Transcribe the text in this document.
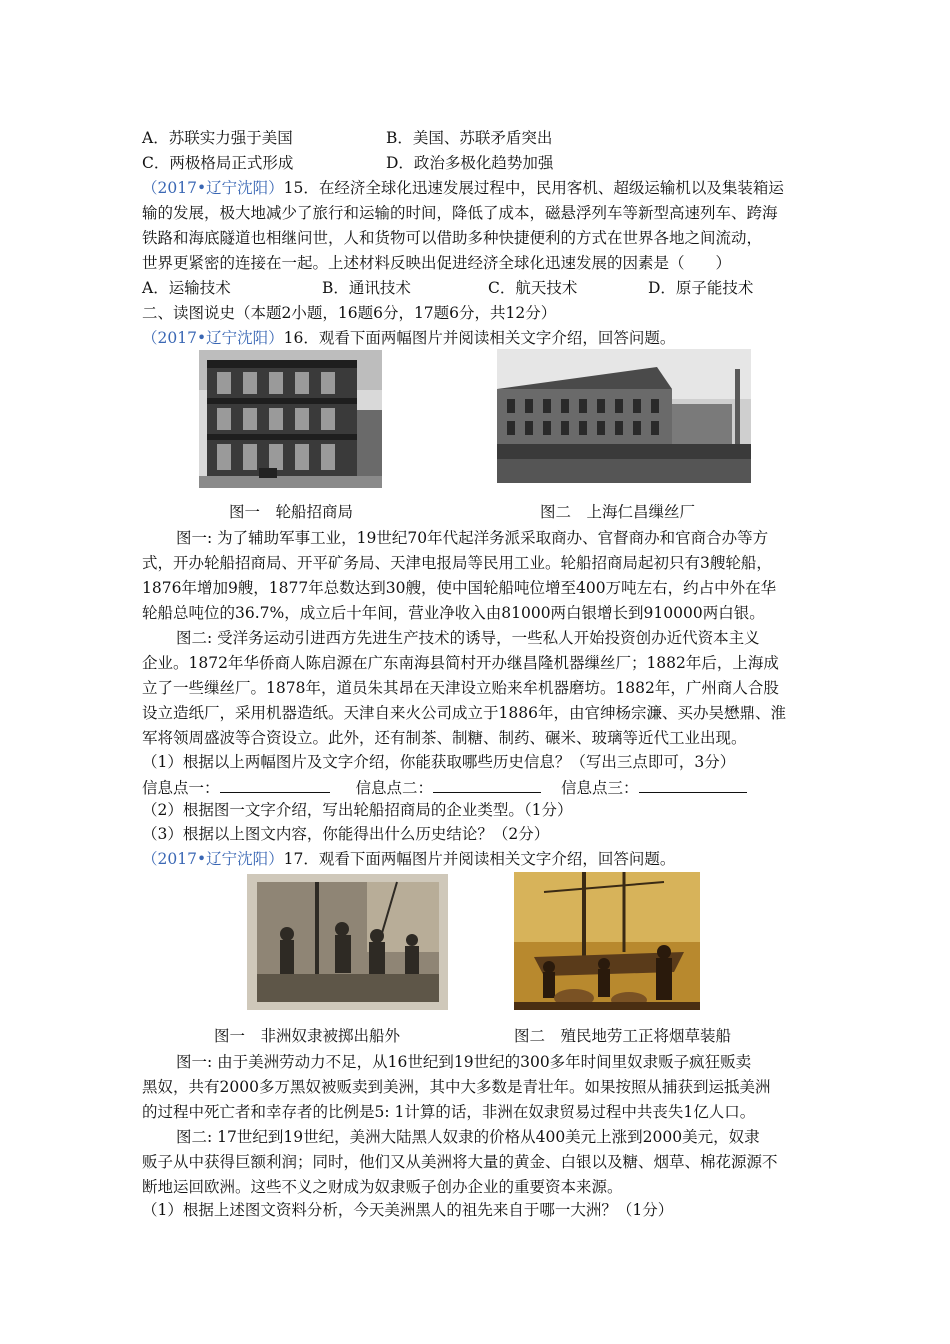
A．苏联实力强于美国	B．美国、苏联矛盾突出
C．两极格局正式形成	D．政治多极化趋势加强
（2017•辽宁沈阳）15．在经济全球化迅速发展过程中，民用客机、超级运输机以及集装箱运
输的发展，极大地减少了旅行和运输的时间，降低了成本，磁悬浮列车等新型高速列车、跨海
铁路和海底隧道也相继问世，人和货物可以借助多种快捷便利的方式在世界各地之间流动，
世界更紧密的连接在一起。上述材料反映出促进经济全球化迅速发展的因素是（　　）
A．运输技术	B．通讯技术	C．航天技术	D．原子能技术
二、读图说史（本题2小题，16题6分，17题6分，共12分）
（2017•辽宁沈阳）16．观看下面两幅图片并阅读相关文字介绍，回答问题。
图一　轮船招商局	图二　上海仁昌缫丝厂
图一: 为了辅助军事工业，19世纪70年代起洋务派采取商办、官督商办和官商合办等方
式，开办轮船招商局、开平矿务局、天津电报局等民用工业。轮船招商局起初只有3艘轮船，
1876年增加9艘，1877年总数达到30艘，使中国轮船吨位增至400万吨左右，约占中外在华
轮船总吨位的36.7%，成立后十年间，营业净收入由81000两白银增长到910000两白银。
图二: 受洋务运动引进西方先进生产技术的诱导，一些私人开始投资创办近代资本主义
企业。1872年华侨商人陈启源在广东南海县简村开办继昌隆机器缫丝厂；1882年后，上海成
立了一些缫丝厂。1878年，道员朱其昂在天津设立贻来牟机器磨坊。1882年，广州商人合股
设立造纸厂，采用机器造纸。天津自来火公司成立于1886年，由官绅杨宗濂、买办吴懋鼎、淮
军将领周盛波等合资设立。此外，还有制茶、制糖、制药、碾米、玻璃等近代工业出现。
（1）根据以上两幅图片及文字介绍，你能获取哪些历史信息？（写出三点即可，3分）
信息点一：	信息点二：	信息点三：
（2）根据图一文字介绍，写出轮船招商局的企业类型。（1分）
（3）根据以上图文内容，你能得出什么历史结论？（2分）
（2017•辽宁沈阳）17．观看下面两幅图片并阅读相关文字介绍，回答问题。
图一　非洲奴隶被掷出船外	图二　殖民地劳工正将烟草装船
图一: 由于美洲劳动力不足，从16世纪到19世纪的300多年时间里奴隶贩子疯狂贩卖
黑奴，共有2000多万黑奴被贩卖到美洲，其中大多数是青壮年。如果按照从捕获到运抵美洲
的过程中死亡者和幸存者的比例是5: 1计算的话，非洲在奴隶贸易过程中共丧失1亿人口。
图二: 17世纪到19世纪，美洲大陆黑人奴隶的价格从400美元上涨到2000美元，奴隶
贩子从中获得巨额利润；同时，他们又从美洲将大量的黄金、白银以及糖、烟草、棉花源源不
断地运回欧洲。这些不义之财成为奴隶贩子创办企业的重要资本来源。
（1）根据上述图文资料分析，今天美洲黑人的祖先来自于哪一大洲？（1分）
